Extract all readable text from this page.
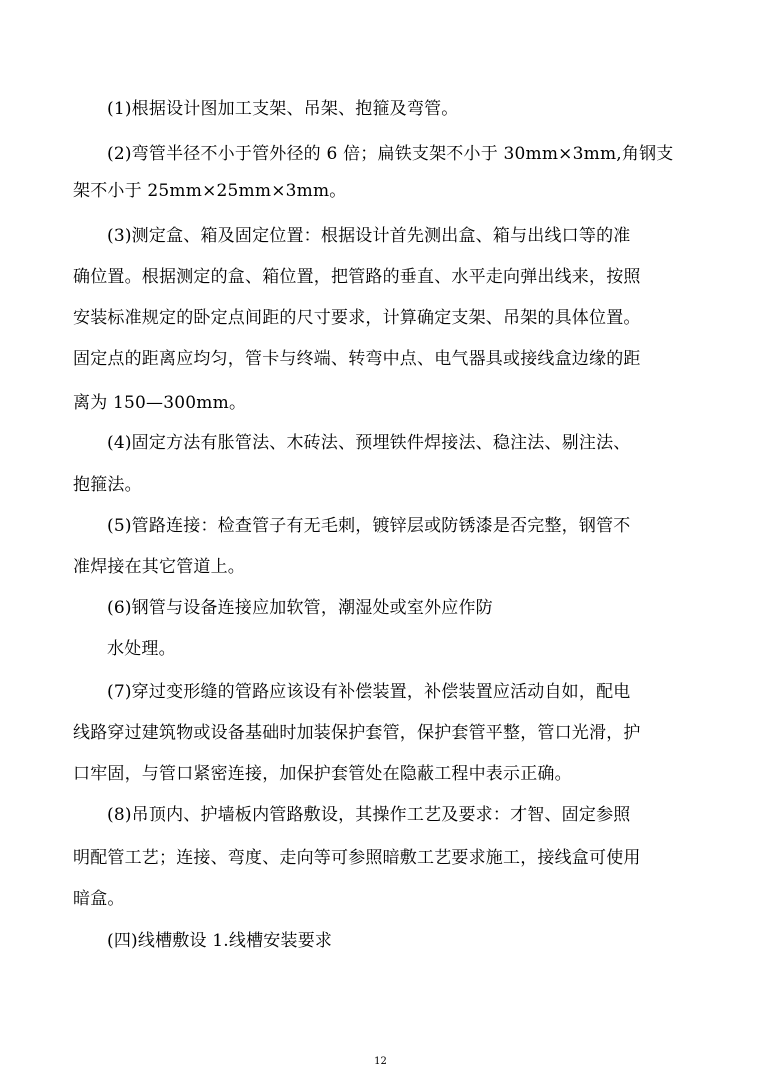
(1)根据设计图加工支架、吊架、抱箍及弯管。
(2)弯管半径不小于管外径的 6 倍；扁铁支架不小于 30mm×3mm,角钢支
架不小于 25mm×25mm×3mm。
(3)测定盒、箱及固定位置：根据设计首先测出盒、箱与出线口等的准
确位置。根据测定的盒、箱位置，把管路的垂直、水平走向弹出线来，按照
安装标准规定的卧定点间距的尺寸要求，计算确定支架、吊架的具体位置。
固定点的距离应均匀，管卡与终端、转弯中点、电气器具或接线盒边缘的距
离为 150—300mm。
(4)固定方法有胀管法、木砖法、预埋铁件焊接法、稳注法、剔注法、
抱箍法。
(5)管路连接：检查管子有无毛刺，镀锌层或防锈漆是否完整，钢管不
准焊接在其它管道上。
(6)钢管与设备连接应加软管，潮湿处或室外应作防
水处理。
(7)穿过变形缝的管路应该设有补偿装置，补偿装置应活动自如，配电
线路穿过建筑物或设备基础时加装保护套管，保护套管平整，管口光滑，护
口牢固，与管口紧密连接，加保护套管处在隐蔽工程中表示正确。
(8)吊顶内、护墙板内管路敷设，其操作工艺及要求：才智、固定参照
明配管工艺；连接、弯度、走向等可参照暗敷工艺要求施工，接线盒可使用
暗盒。
(四)线槽敷设 1.线槽安装要求
12
